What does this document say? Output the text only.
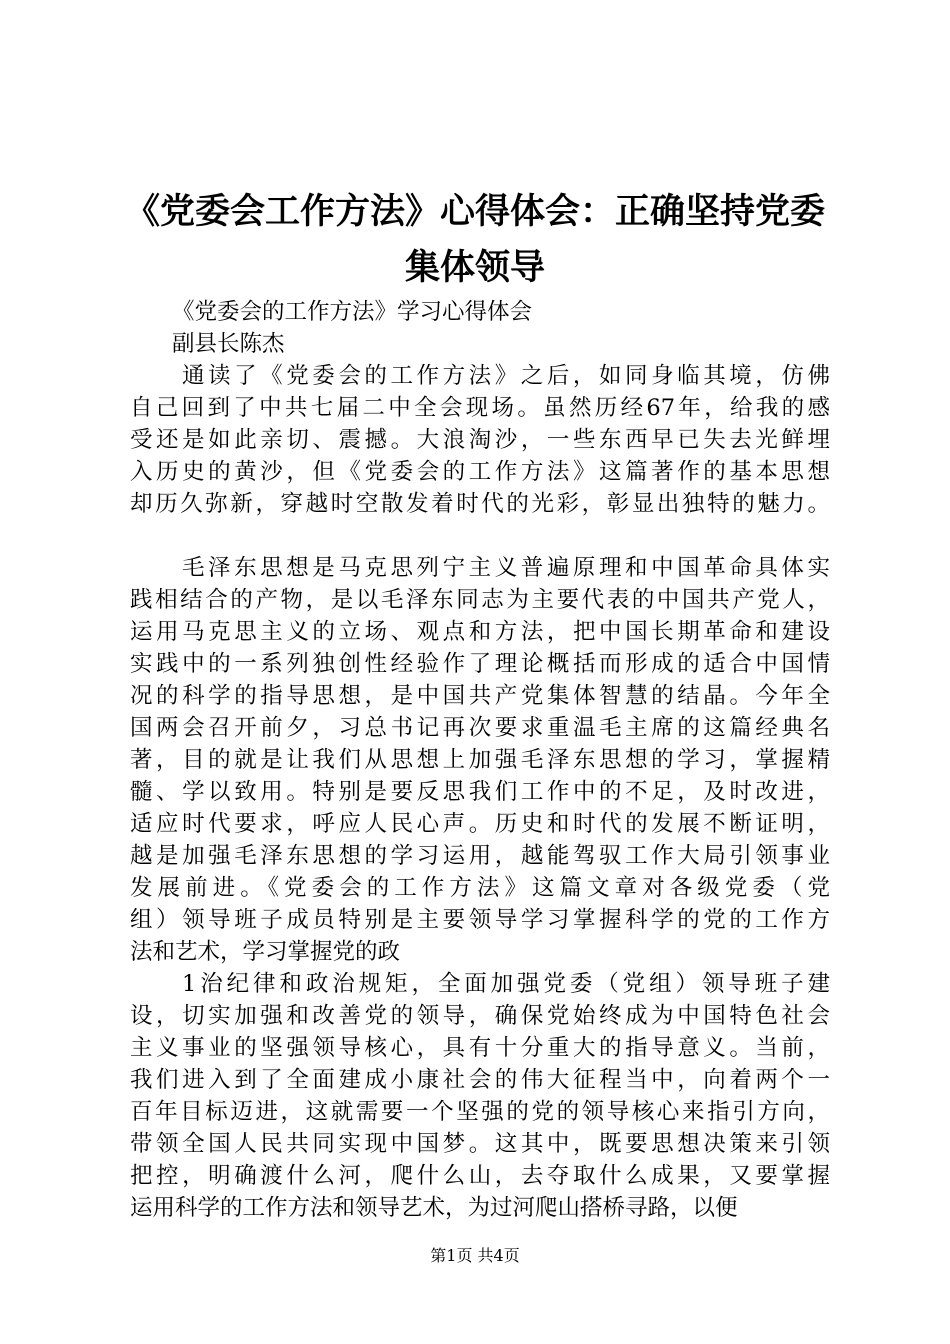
《党委会工作方法》心得体会：正确坚持党委
集体领导
《党委会的工作方法》学习心得体会
副县长陈杰
通读了《党委会的工作方法》之后，如同身临其境，仿佛
自己回到了中共七届二中全会现场。虽然历经67年，给我的感
受还是如此亲切、震撼。大浪淘沙，一些东西早已失去光鲜埋
入历史的黄沙，但《党委会的工作方法》这篇著作的基本思想
却历久弥新，穿越时空散发着时代的光彩，彰显出独特的魅力。
毛泽东思想是马克思列宁主义普遍原理和中国革命具体实
践相结合的产物，是以毛泽东同志为主要代表的中国共产党人，
运用马克思主义的立场、观点和方法，把中国长期革命和建设
实践中的一系列独创性经验作了理论概括而形成的适合中国情
况的科学的指导思想，是中国共产党集体智慧的结晶。今年全
国两会召开前夕，习总书记再次要求重温毛主席的这篇经典名
著，目的就是让我们从思想上加强毛泽东思想的学习，掌握精
髓、学以致用。特别是要反思我们工作中的不足，及时改进，
适应时代要求，呼应人民心声。历史和时代的发展不断证明，
越是加强毛泽东思想的学习运用，越能驾驭工作大局引领事业
发展前进。《党委会的工作方法》这篇文章对各级党委（党
组）领导班子成员特别是主要领导学习掌握科学的党的工作方
法和艺术，学习掌握党的政
1治纪律和政治规矩，全面加强党委（党组）领导班子建
设，切实加强和改善党的领导，确保党始终成为中国特色社会
主义事业的坚强领导核心，具有十分重大的指导意义。当前，
我们进入到了全面建成小康社会的伟大征程当中，向着两个一
百年目标迈进，这就需要一个坚强的党的领导核心来指引方向，
带领全国人民共同实现中国梦。这其中，既要思想决策来引领
把控，明确渡什么河，爬什么山，去夺取什么成果，又要掌握
运用科学的工作方法和领导艺术，为过河爬山搭桥寻路，以便
第1页 共4页
